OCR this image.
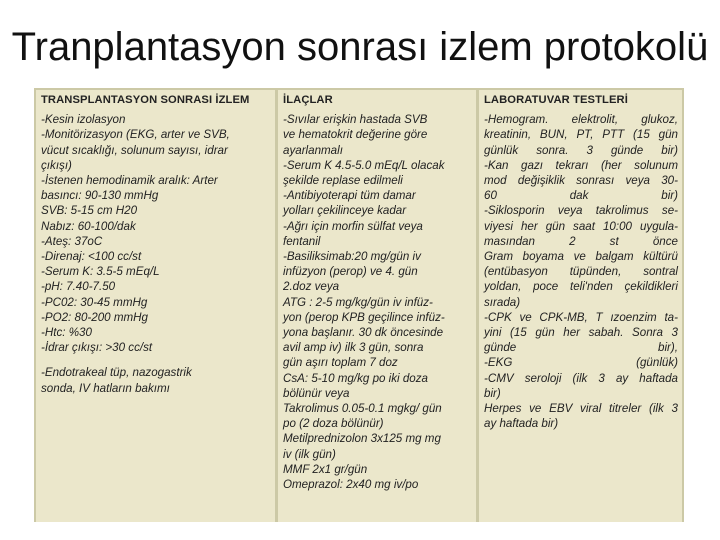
Tranplantasyon sonrası izlem protokolü
TRANSPLANTASYON SONRASI İZLEM
-Kesin izolasyon
-Monitörizasyon (EKG, arter ve SVB,
vücut sıcaklığı, solunum sayısı, idrar
çıkışı)
-İstenen hemodinamik aralık: Arter
basıncı: 90-130 mmHg
SVB: 5-15 cm H20
Nabız: 60-100/dak
-Ateş: 37oC
-Direnaj: <100 cc/st
-Serum K: 3.5-5 mEq/L
-pH: 7.40-7.50
-PC02: 30-45 mmHg
-PO2: 80-200 mmHg
-Htc: %30
-İdrar çıkışı: >30 cc/st
-Endotrakeal tüp, nazogastrik
sonda, IV hatların bakımı
İLAÇLAR
-Sıvılar erişkin hastada SVB
ve hematokrit değerine göre
ayarlanmalı
-Serum K 4.5-5.0 mEq/L olacak
şekilde replase edilmeli
-Antibiyoterapi tüm damar
yolları çekilinceye kadar
-Ağrı için morfin sülfat veya
fentanil
-Basiliksimab:20 mg/gün iv
infüzyon (perop) ve 4. gün
2.doz veya
ATG : 2-5 mg/kg/gün iv infüz-
yon (perop KPB geçilince infüz-
yona başlanır. 30 dk öncesinde
avil amp iv) ilk 3 gün, sonra
gün aşırı toplam 7 doz
CsA: 5-10 mg/kg po iki doza
bölünür veya
Takrolimus 0.05-0.1 mgkg/ gün
po (2 doza bölünür)
Metilprednizolon 3x125 mg mg
iv (ilk gün)
MMF 2x1 gr/gün
Omeprazol: 2x40 mg iv/po
LABORATUVAR TESTLERİ
-Hemogram. elektrolit, glukoz,
kreatinin, BUN, PT, PTT (15 gün
günlük sonra. 3 günde bir)
-Kan gazı tekrarı (her solunum
mod değişiklik sonrası veya 30-
60 dak bir)
-Siklosporin veya takrolimus se-
viyesi her gün saat 10:00 uygula-
masından 2 st önce
Gram boyama ve balgam kültürü
(entübasyon tüpünden, sontral
yoldan, poce teli'nden çekildikleri
sırada)
-CPK ve CPK-MB, T ızoenzim ta-
yini (15 gün her sabah. Sonra 3
günde bir),
-EKG (günlük)
-CMV seroloji (ilk 3 ay haftada
bir)
Herpes ve EBV viral titreler (ilk 3
ay haftada bir)
